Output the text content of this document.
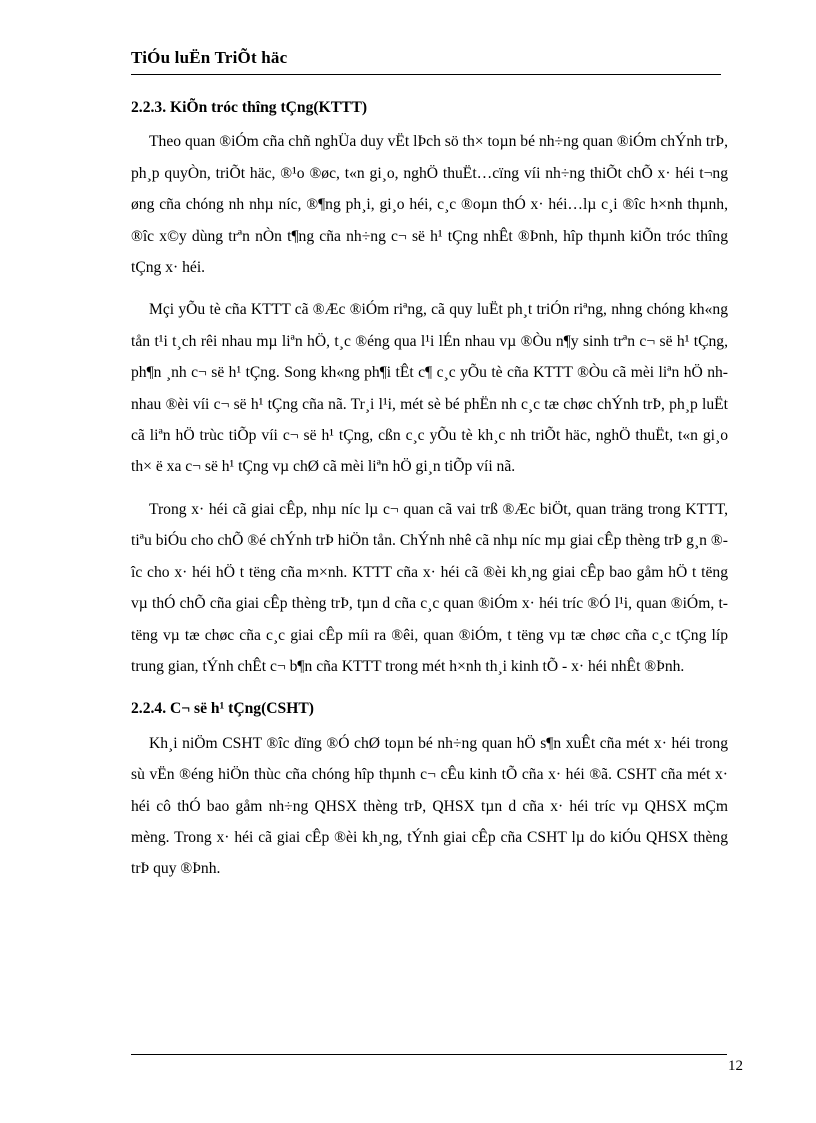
TiÓu luËn TriÕt häc
2.2.3. KiÕn tróc thîng tÇng(KTTT)

Theo quan ®iÓm cña chñ nghÜa duy vËt lÞch sö th× toµn bé nh÷ng quan ®iÓm chÝnh trÞ, ph¸p quyÒn, triÕt häc, ®¹o ®øc, t«n gi¸o, nghÖ thuËt…cïng víi nh÷ng thiÕt chÕ x· héi t¬ng øng cña chóng nh nhµ níc, ®¶ng ph¸i, gi¸o héi, c¸c ®oµn thÓ x· héi…lµ c¸i ®îc h×nh thµnh, ®îc x©y dùng trªn nÒn t¶ng cña nh÷ng c¬ së h¹ tÇng nhÊt ®Þnh, hîp thµnh kiÕn tróc thîng tÇng x· héi.

Mçi yÕu tè cña KTTT cã ®Æc ®iÓm riªng, cã quy luËt ph¸t triÓn riªng, nhng chóng kh«ng tån t¹i t¸ch rêi nhau mµ liªn hÖ, t¸c ®éng qua l¹i lÉn nhau vµ ®Òu n¶y sinh trªn c¬ së h¹ tÇng, ph¶n ¸nh c¬ së h¹ tÇng. Song kh«ng ph¶i tÊt c¶ c¸c yÕu tè cña KTTT ®Òu cã mèi liªn hÖ nh nhau ®èi víi c¬ së h¹ tÇng cña nã. Tr¸i l¹i, mét sè bé phËn nh c¸c tæ chøc chÝnh trÞ, ph¸p luËt cã liªn hÖ trùc tiÕp víi c¬ së h¹ tÇng, cßn c¸c yÕu tè kh¸c nh triÕt häc, nghÖ thuËt, t«n gi¸o th× ë xa c¬ së h¹ tÇng vµ chØ cã mèi liªn hÖ gi¸n tiÕp víi nã.

Trong x· héi cã giai cÊp, nhµ níc lµ c¬ quan cã vai trß ®Æc biÖt, quan träng trong KTTT, tiªu biÓu cho chÕ ®é chÝnh trÞ hiÖn tån. ChÝnh nhê cã nhµ níc mµ giai cÊp thèng trÞ g¸n ®îc cho x· héi hÖ t tëng cña m×nh. KTTT cña x· héi cã ®èi kh¸ng giai cÊp bao gåm hÖ t tëng vµ thÓ chÕ cña giai cÊp thèng trÞ, tµn d cña c¸c quan ®iÓm x· héi tríc ®Ó l¹i, quan ®iÓm, t tëng vµ tæ chøc cña c¸c giai cÊp míi ra ®êi, quan ®iÓm, t tëng vµ tæ chøc cña c¸c tÇng líp trung gian, tÝnh chÊt c¬ b¶n cña KTTT trong mét h×nh th¸i kinh tÕ - x· héi nhÊt ®Þnh.

2.2.4. C¬ së h¹ tÇng(CSHT)

Kh¸i niÖm CSHT ®îc dïng ®Ó chØ toµn bé nh÷ng quan hÖ s¶n xuÊt cña mét x· héi trong sù vËn ®éng hiÖn thùc cña chóng hîp thµnh c¬ cÊu kinh tÕ cña x· héi ®ã. CSHT cña mét x· héi cô thÓ bao gåm nh÷ng QHSX thèng trÞ, QHSX tµn d cña x· héi tríc vµ QHSX mÇm mèng. Trong x· héi cã giai cÊp ®èi kh¸ng, tÝnh giai cÊp cña CSHT lµ do kiÓu QHSX thèng trÞ quy ®Þnh.

12
